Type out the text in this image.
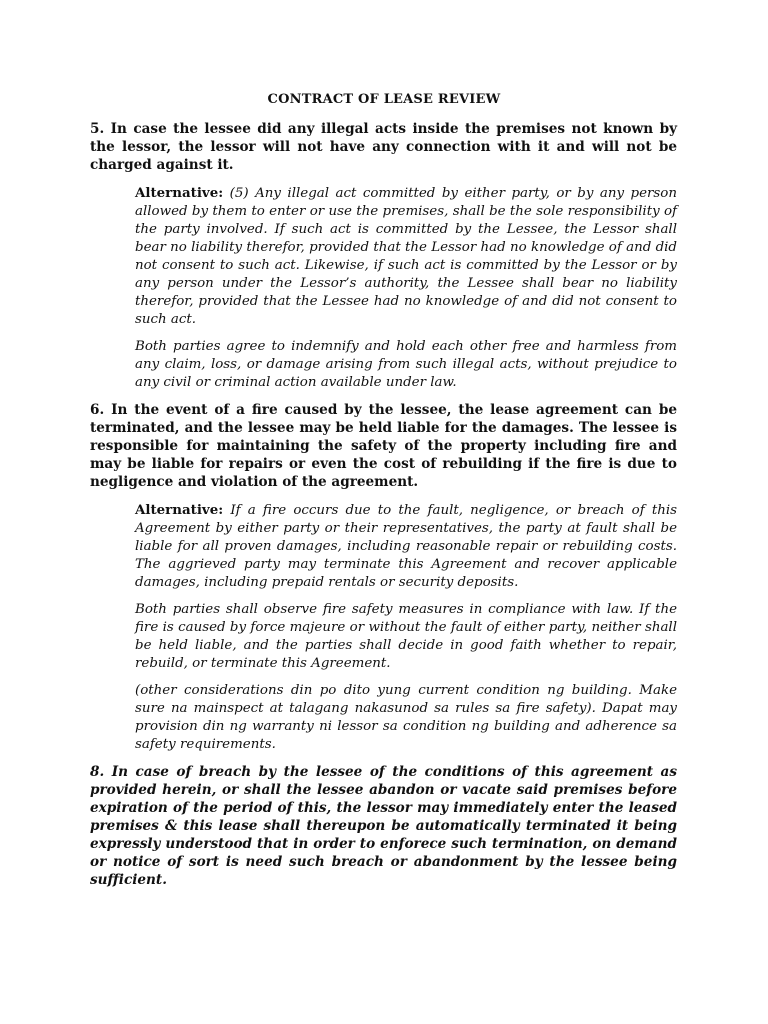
CONTRACT OF LEASE REVIEW

5. In case the lessee did any illegal acts inside the premises not known by the lessor, the lessor will not have any connection with it and will not be charged against it.

Alternative: (5) Any illegal act committed by either party, or by any person allowed by them to enter or use the premises, shall be the sole responsibility of the party involved. If such act is committed by the Lessee, the Lessor shall bear no liability therefor, provided that the Lessor had no knowledge of and did not consent to such act. Likewise, if such act is committed by the Lessor or by any person under the Lessor’s authority, the Lessee shall bear no liability therefor, provided that the Lessee had no knowledge of and did not consent to such act.

Both parties agree to indemnify and hold each other free and harmless from any claim, loss, or damage arising from such illegal acts, without prejudice to any civil or criminal action available under law.

6. In the event of a fire caused by the lessee, the lease agreement can be terminated, and the lessee may be held liable for the damages. The lessee is responsible for maintaining the safety of the property including fire and may be liable for repairs or even the cost of rebuilding if the fire is due to negligence and violation of the agreement.

Alternative: If a fire occurs due to the fault, negligence, or breach of this Agreement by either party or their representatives, the party at fault shall be liable for all proven damages, including reasonable repair or rebuilding costs. The aggrieved party may terminate this Agreement and recover applicable damages, including prepaid rentals or security deposits.

Both parties shall observe fire safety measures in compliance with law. If the fire is caused by force majeure or without the fault of either party, neither shall be held liable, and the parties shall decide in good faith whether to repair, rebuild, or terminate this Agreement.

(other considerations din po dito yung current condition ng building. Make sure na mainspect at talagang nakasunod sa rules sa fire safety). Dapat may provision din ng warranty ni lessor sa condition ng building and adherence sa safety requirements.

8. In case of breach by the lessee of the conditions of this agreement as provided herein, or shall the lessee abandon or vacate said premises before expiration of the period of this, the lessor may immediately enter the leased premises & this lease shall thereupon be automatically terminated it being expressly understood that in order to enforece such termination, on demand or notice of sort is need such breach or abandonment by the lessee being sufficient.
